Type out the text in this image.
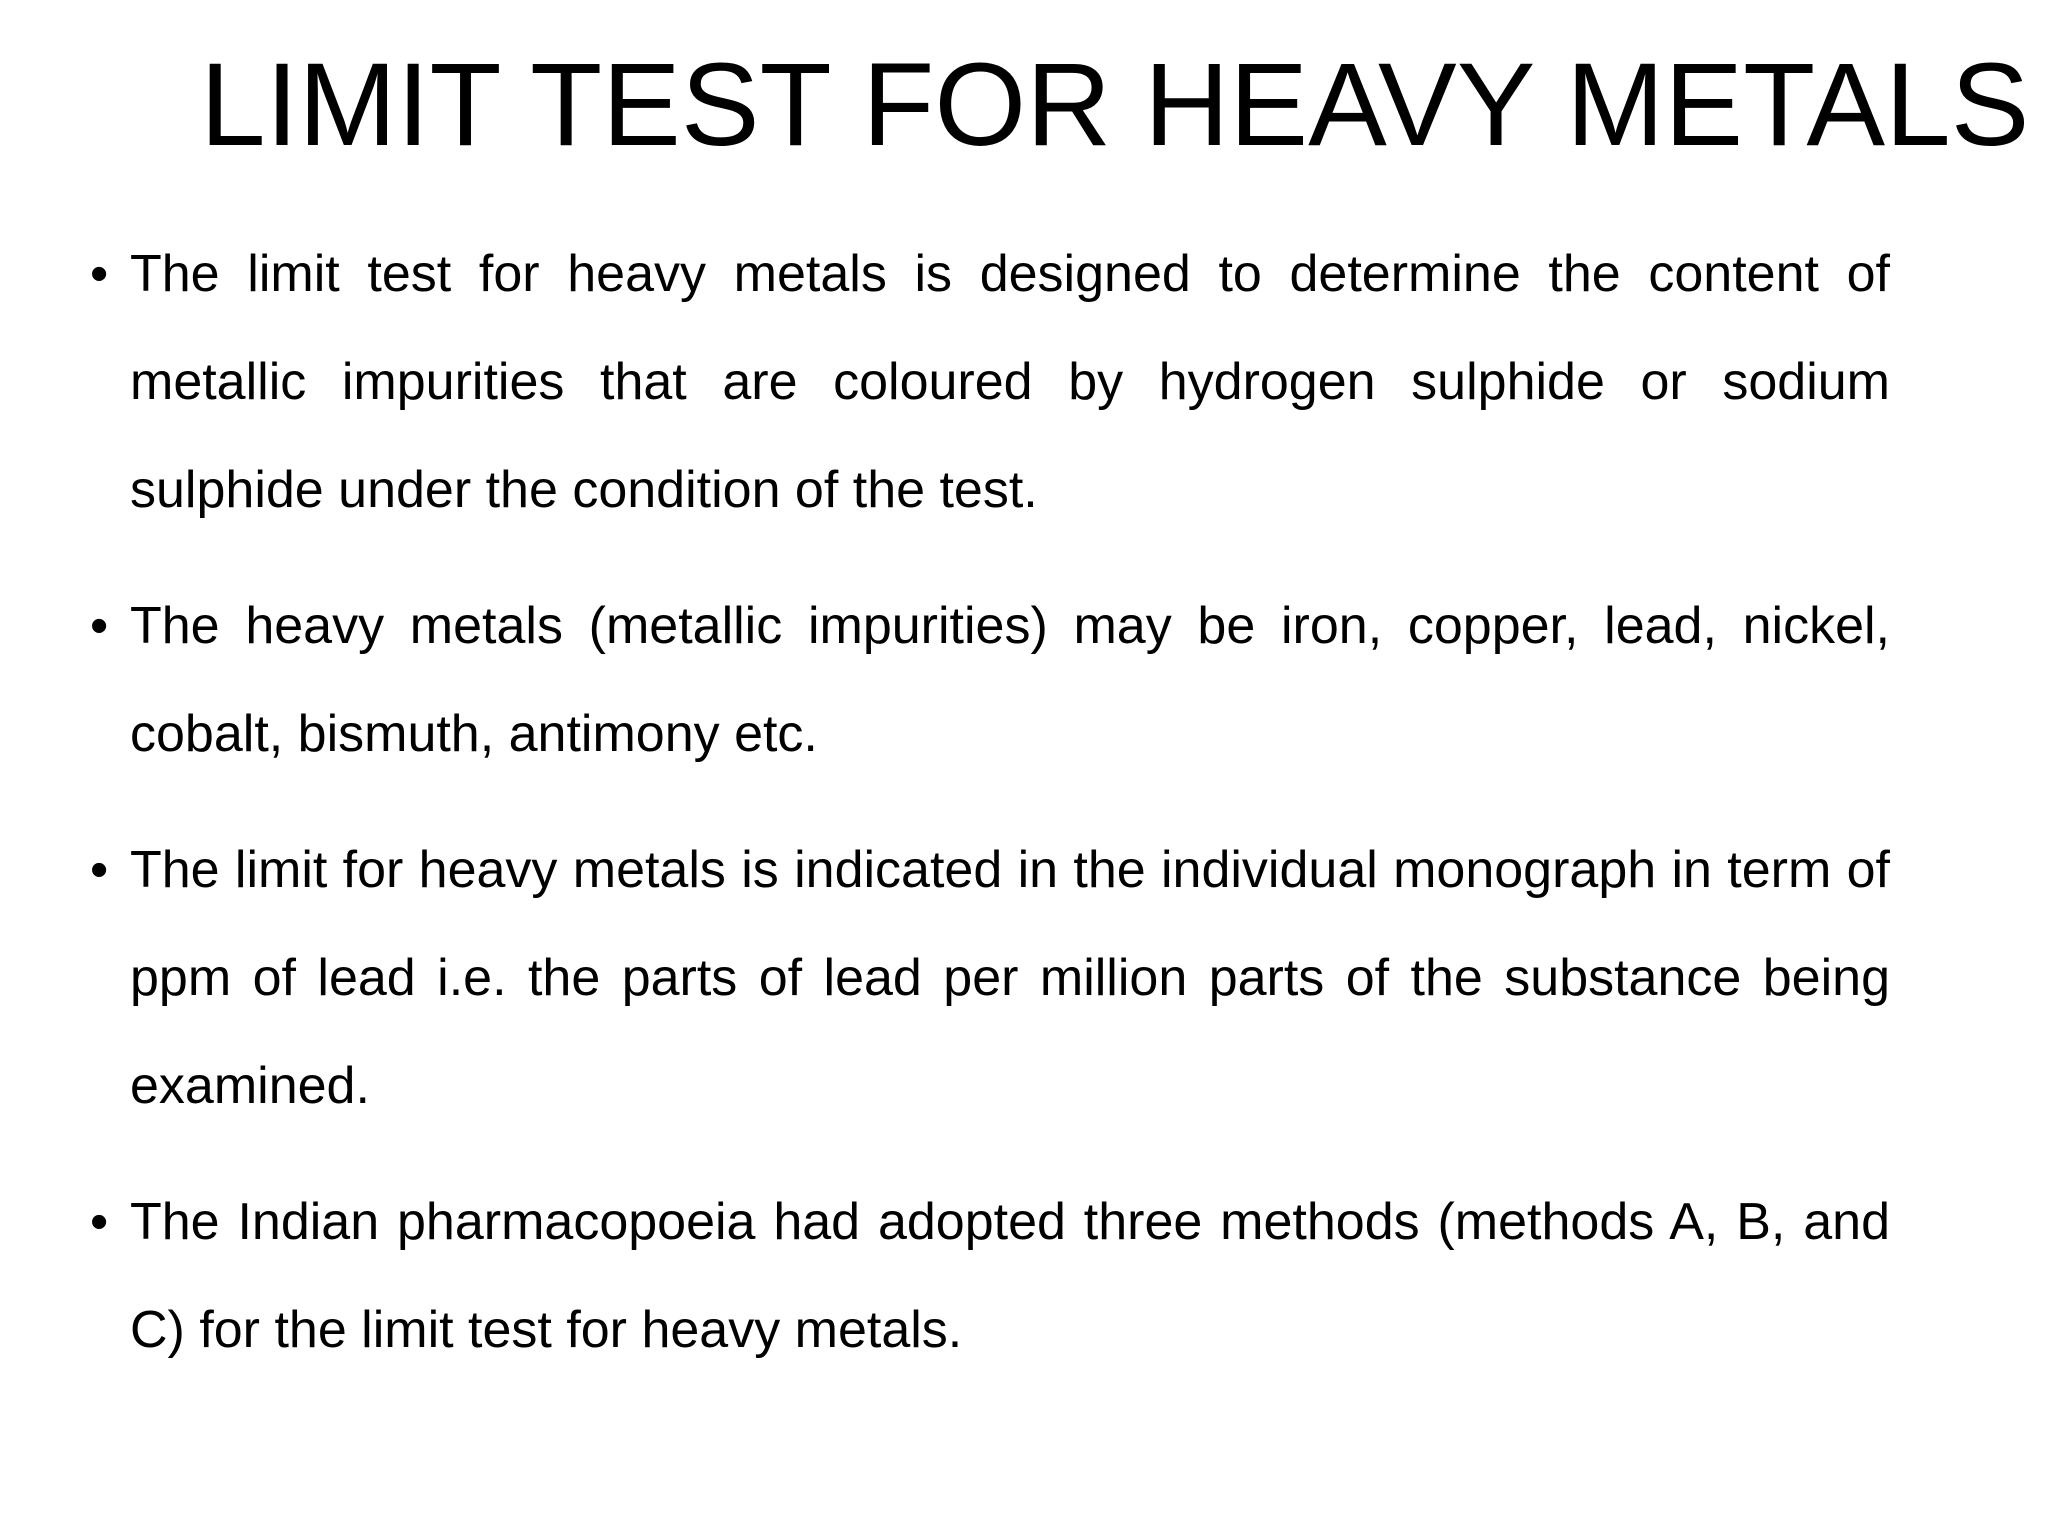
LIMIT TEST FOR HEAVY METALS
• The limit test for heavy metals is designed to determine the content of metallic impurities that are coloured by hydrogen sulphide or sodium sulphide under the condition of the test.
• The heavy metals (metallic impurities) may be iron, copper, lead, nickel, cobalt, bismuth, antimony etc.
• The limit for heavy metals is indicated in the individual monograph in term of ppm of lead i.e. the parts of lead per million parts of the substance being examined.
• The Indian pharmacopoeia had adopted three methods (methods A, B, and C) for the limit test for heavy metals.
